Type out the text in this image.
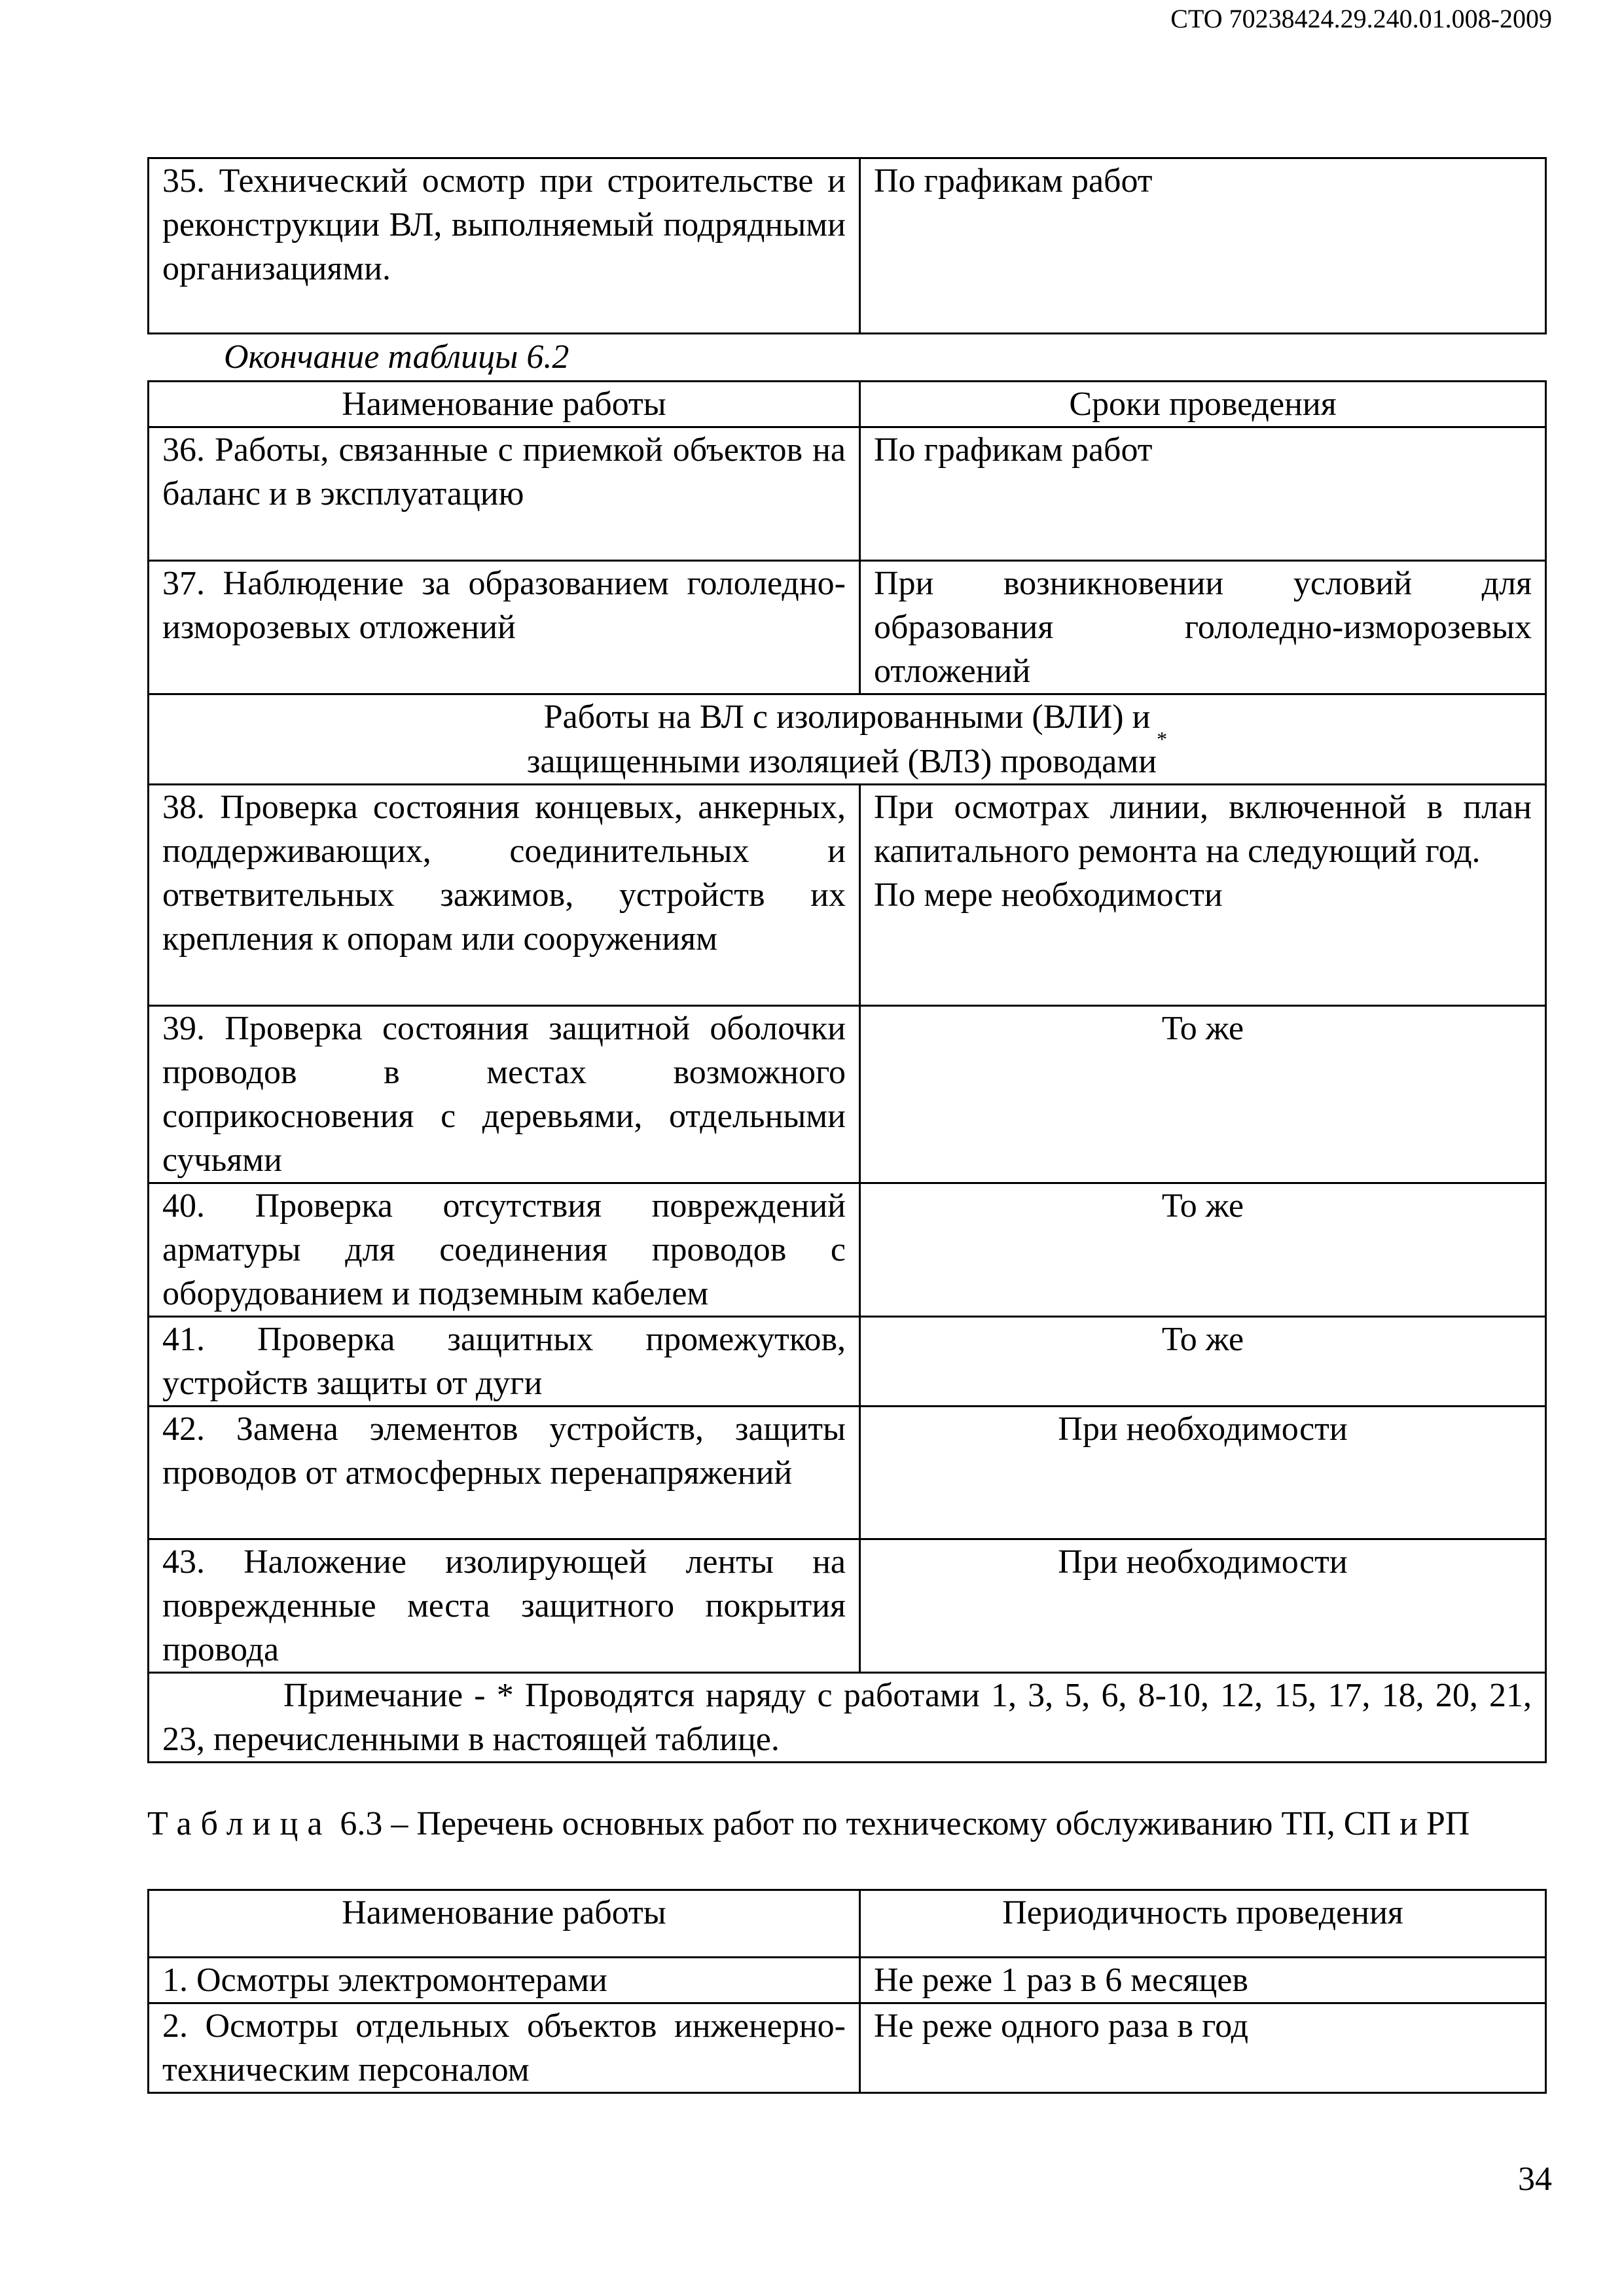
СТО 70238424.29.240.01.008-2009
35. Технический осмотр при строительстве и реконструкции ВЛ, выполняемый подрядными организациями.	По графикам работ
Окончание таблицы 6.2
Наименование работы	Сроки проведения
36. Работы, связанные с приемкой объектов на баланс и в эксплуатацию	По графикам работ
37. Наблюдение за образованием гололедно-изморозевых отложений	При возникновении условий для образования гололедно-изморозевых отложений
Работы на ВЛ с изолированными (ВЛИ) и
защищенными изоляцией (ВЛЗ) проводами*
38. Проверка состояния концевых, анкерных, поддерживающих, соединительных и ответвительных зажимов, устройств их крепления к опорам или сооружениям	При осмотрах линии, включенной в план капитального ремонта на следующий год.
По мере необходимости

39. Проверка состояния защитной оболочки проводов в местах возможного соприкосновения с деревьями, отдельными сучьями	То же
40. Проверка отсутствия повреждений арматуры для соединения проводов с оборудованием и подземным кабелем	То же
41. Проверка защитных промежутков, устройств защиты от дуги	То же
42. Замена элементов устройств, защиты проводов от атмосферных перенапряжений	При необходимости
43. Наложение изолирующей ленты на поврежденные места защитного покрытия провода	При необходимости
Примечание - * Проводятся наряду с работами 1, 3, 5, 6, 8-10, 12, 15, 17, 18, 20, 21, 23, перечисленными в настоящей таблице.	
Таблица 6.3 – Перечень основных работ по техническому обслуживанию ТП, СП и РП
Наименование работы	Периодичность проведения
1. Осмотры электромонтерами	Не реже 1 раз в 6 месяцев
2. Осмотры отдельных объектов инженерно-техническим персоналом	Не реже одного раза в год
34
